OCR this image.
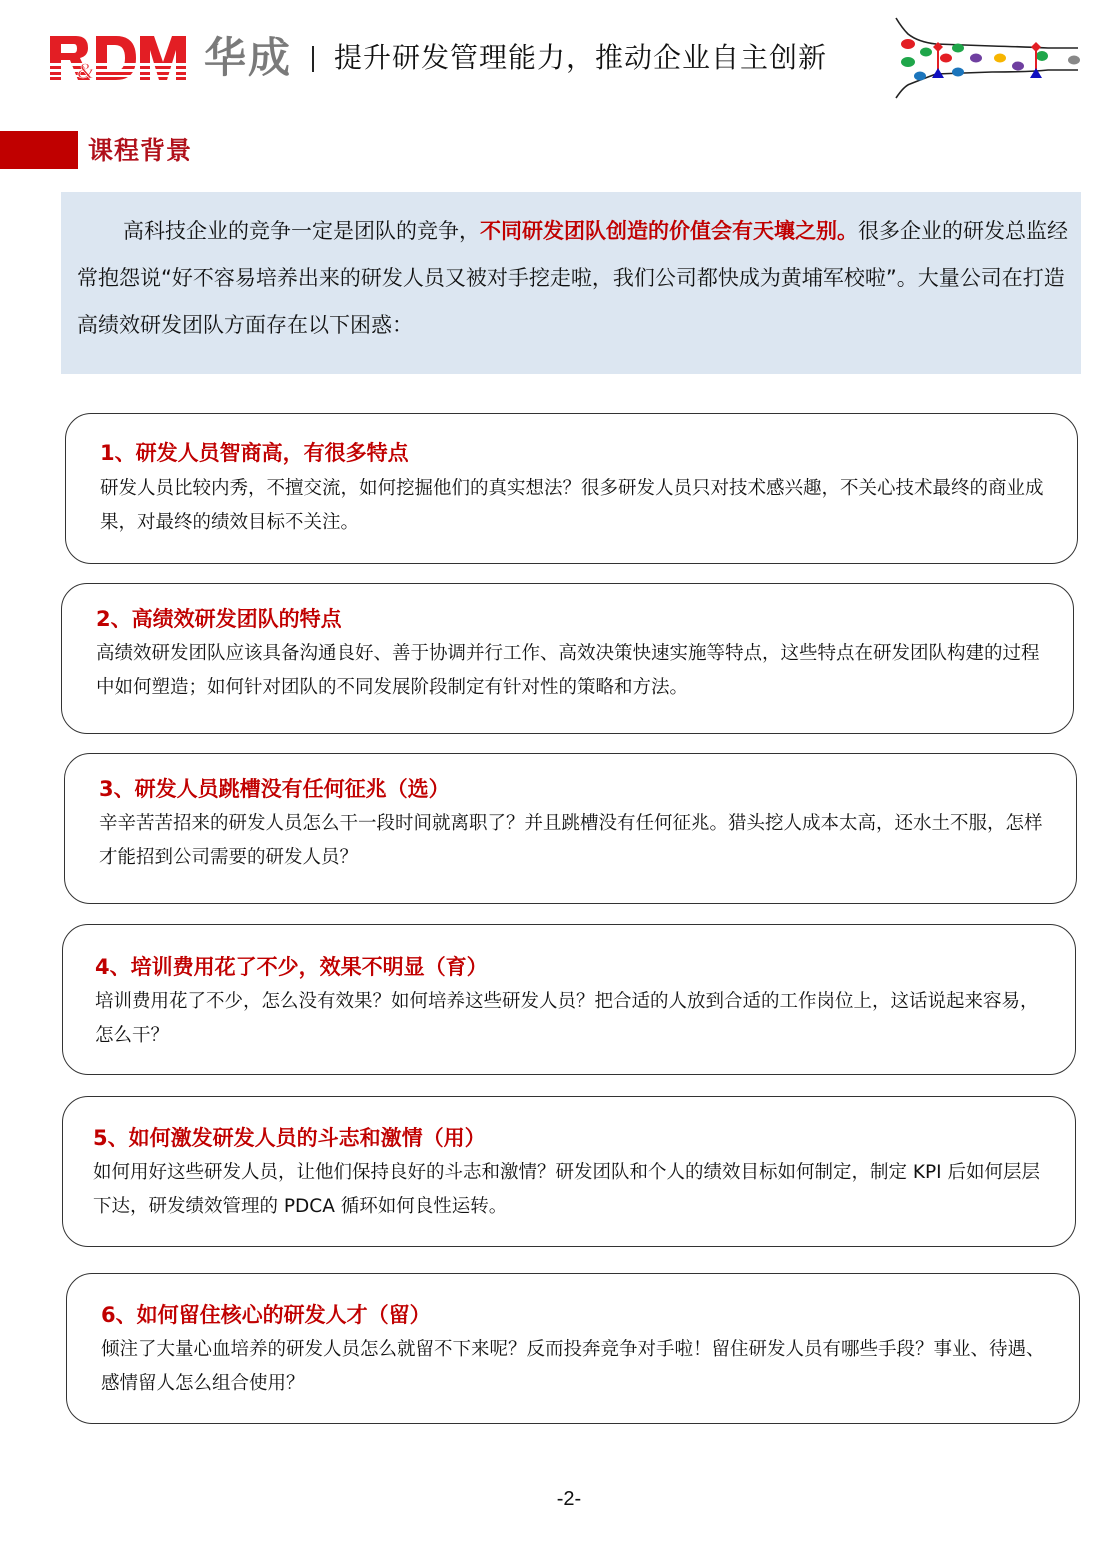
&	华成 提升研发管理能力，推动企业自主创新
课程背景
高科技企业的竞争一定是团队的竞争，不同研发团队创造的价值会有天壤之别。很多企业的研发总监经常抱怨说“好不容易培养出来的研发人员又被对手挖走啦，我们公司都快成为黄埔军校啦”。大量公司在打造高绩效研发团队方面存在以下困惑：
1、研发人员智商高，有很多特点
研发人员比较内秀，不擅交流，如何挖掘他们的真实想法？很多研发人员只对技术感兴趣，不关心技术最终的商业成果，对最终的绩效目标不关注。
2、高绩效研发团队的特点
高绩效研发团队应该具备沟通良好、善于协调并行工作、高效决策快速实施等特点，这些特点在研发团队构建的过程中如何塑造；如何针对团队的不同发展阶段制定有针对性的策略和方法。
3、研发人员跳槽没有任何征兆（选）
辛辛苦苦招来的研发人员怎么干一段时间就离职了？并且跳槽没有任何征兆。猎头挖人成本太高，还水土不服，怎样才能招到公司需要的研发人员？
4、培训费用花了不少，效果不明显（育）
培训费用花了不少，怎么没有效果？如何培养这些研发人员？把合适的人放到合适的工作岗位上，这话说起来容易，怎么干？
5、如何激发研发人员的斗志和激情（用）
如何用好这些研发人员，让他们保持良好的斗志和激情？研发团队和个人的绩效目标如何制定，制定 KPI 后如何层层下达，研发绩效管理的 PDCA 循环如何良性运转。
6、如何留住核心的研发人才（留）
倾注了大量心血培养的研发人员怎么就留不下来呢？反而投奔竞争对手啦！留住研发人员有哪些手段？事业、待遇、感情留人怎么组合使用？
-2-
